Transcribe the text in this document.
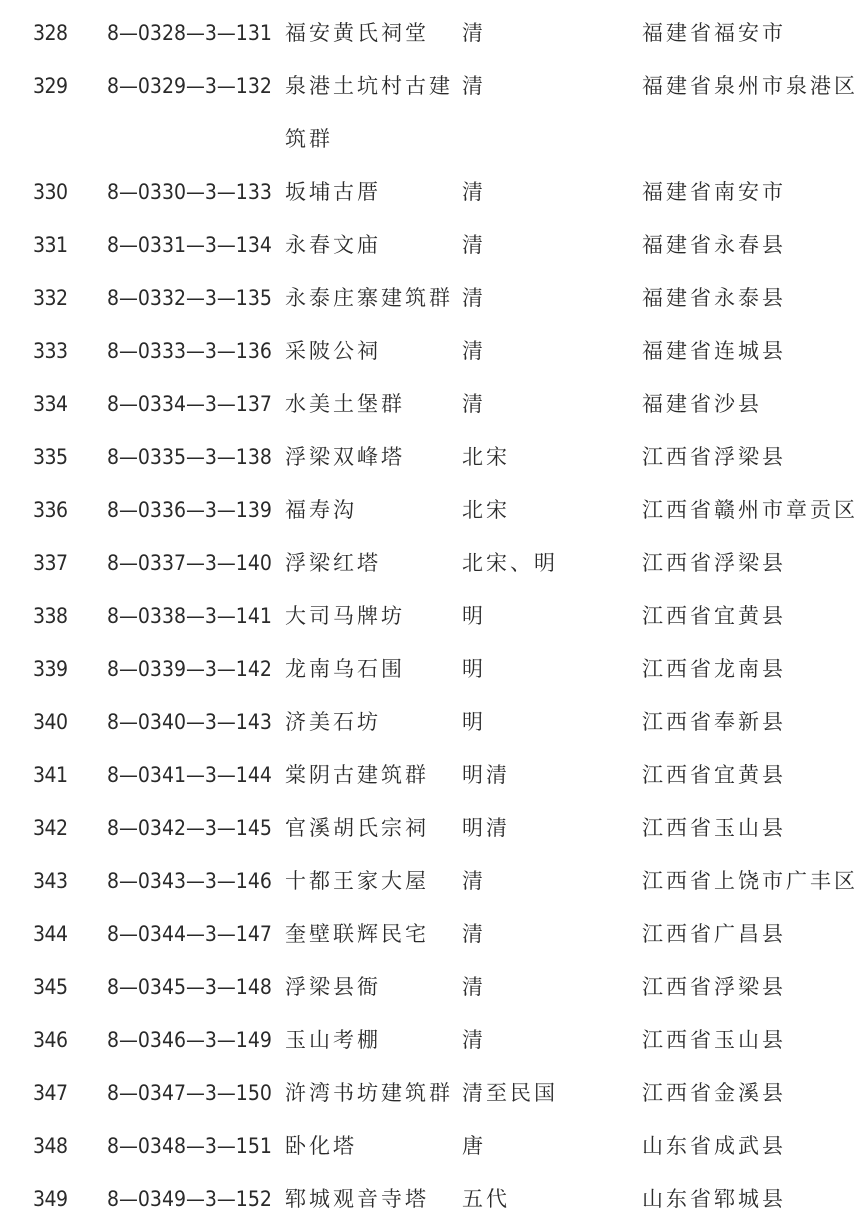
328 8—0328—3—131 福安黄氏祠堂 清	福建省福安市
329 8—0329—3—132 泉港土坑村古建 清	福建省泉州市泉港区
筑群
330 8—0330—3—133 坂埔古厝	清	福建省南安市
331 8—0331—3—134 永春文庙	清	福建省永春县
332 8—0332—3—135 永泰庄寨建筑群 清	福建省永泰县
333 8—0333—3—136 采陂公祠	清	福建省连城县
334 8—0334—3—137 水美土堡群	清	福建省沙县
335 8—0335—3—138 浮梁双峰塔	北宋	江西省浮梁县
336 8—0336—3—139 福寿沟	北宋	江西省赣州市章贡区
337 8—0337—3—140 浮梁红塔	北宋、明	江西省浮梁县
338 8—0338—3—141 大司马牌坊	明	江西省宜黄县
339 8—0339—3—142 龙南乌石围	明	江西省龙南县
340 8—0340—3—143 济美石坊	明	江西省奉新县
341 8—0341—3—144 棠阴古建筑群 明清	江西省宜黄县
342 8—0342—3—145 官溪胡氏宗祠 明清	江西省玉山县
343 8—0343—3—146 十都王家大屋 清	江西省上饶市广丰区
344 8—0344—3—147 奎壁联辉民宅 清	江西省广昌县
345 8—0345—3—148 浮梁县衙	清	江西省浮梁县
346 8—0346—3—149 玉山考棚	清	江西省玉山县
347 8—0347—3—150 浒湾书坊建筑群 清至民国	江西省金溪县
348 8—0348—3—151 卧化塔	唐	山东省成武县
349 8—0349—3—152 郓城观音寺塔 五代	山东省郓城县
